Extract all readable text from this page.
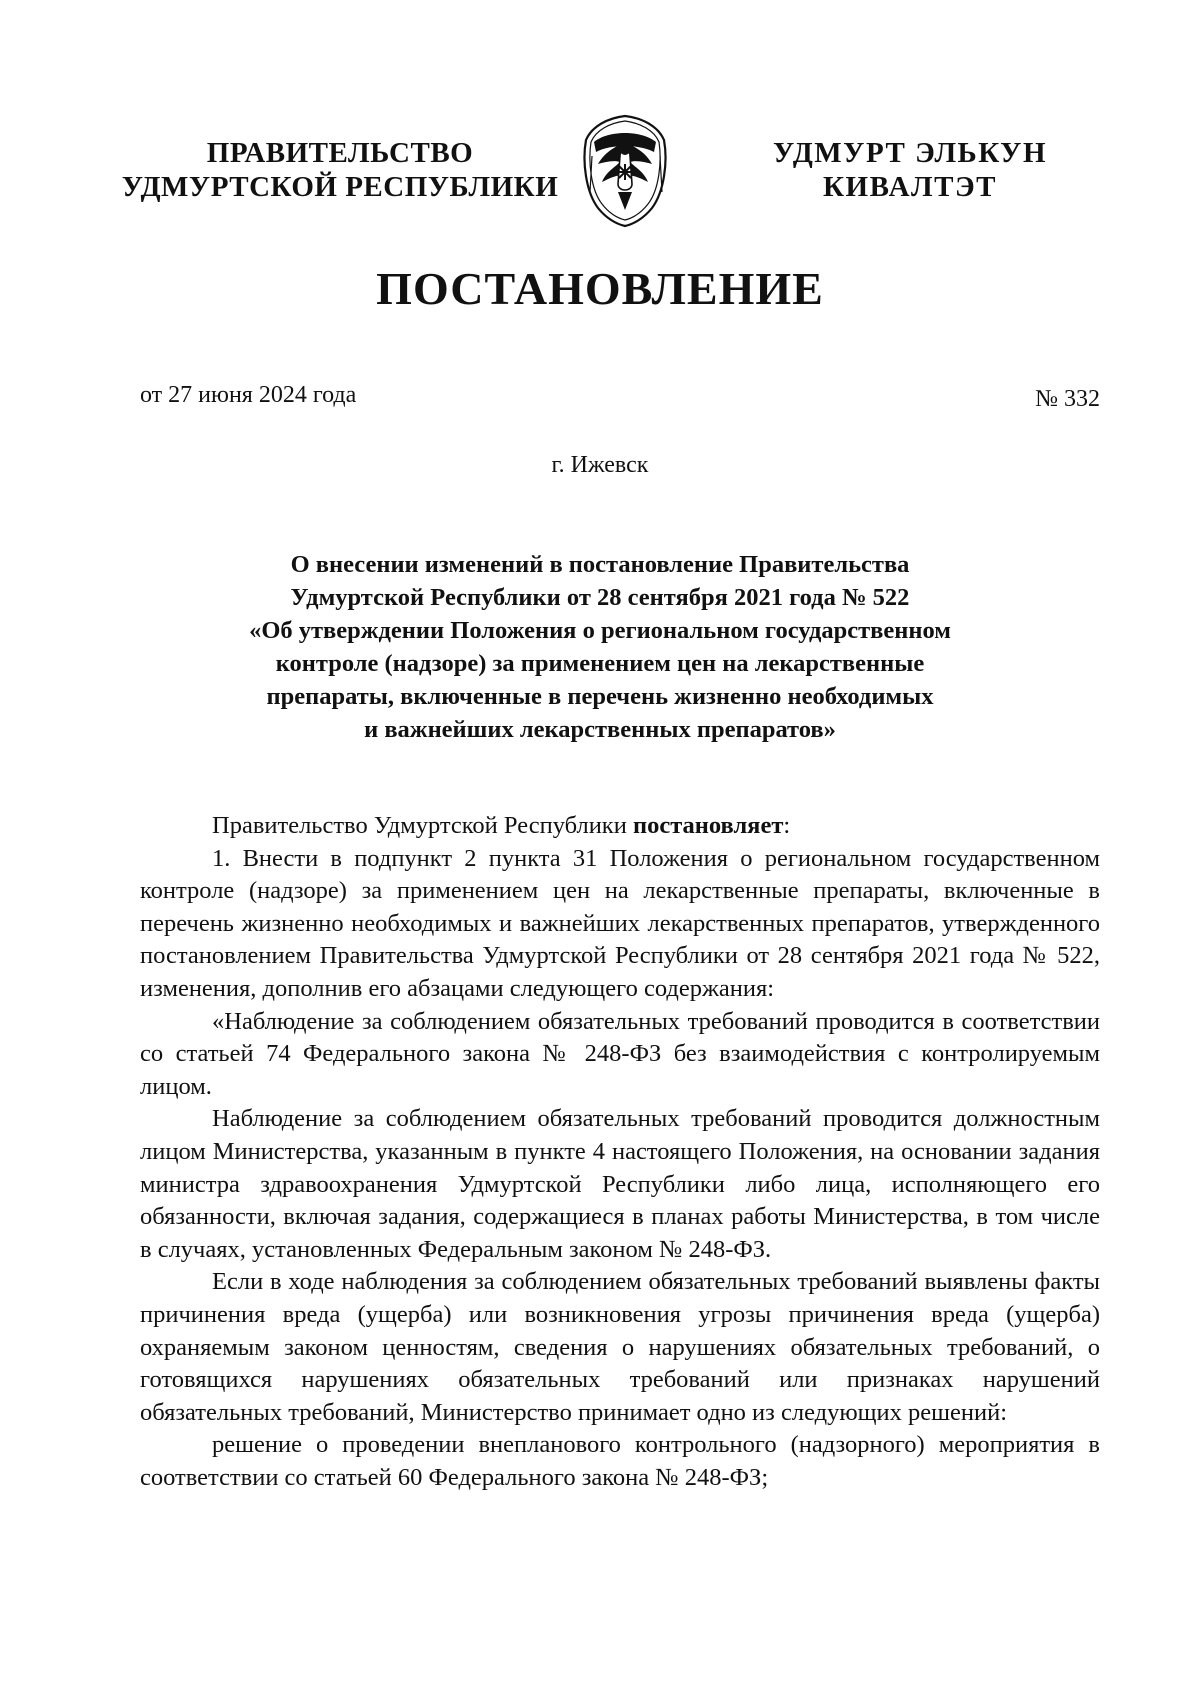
ПРАВИТЕЛЬСТВО
УДМУРТСКОЙ РЕСПУБЛИКИ
УДМУРТ ЭЛЬКУН
КИВАЛТЭТ
ПОСТАНОВЛЕНИЕ
от 27 июня 2024 года	№ 332
г. Ижевск
О внесении изменений в постановление Правительства
Удмуртской Республики от 28 сентября 2021 года № 522
«Об утверждении Положения о региональном государственном
контроле (надзоре) за применением цен на лекарственные
препараты, включенные в перечень жизненно необходимых
и важнейших лекарственных препаратов»

Правительство Удмуртской Республики постановляет:

1. Внести в подпункт 2 пункта 31 Положения о региональном государственном контроле (надзоре) за применением цен на лекарственные препараты, включенные в перечень жизненно необходимых и важнейших лекарственных препаратов, утвержденного постановлением Правительства Удмуртской Республики от 28 сентября 2021 года № 522, изменения, дополнив его абзацами следующего содержания:

«Наблюдение за соблюдением обязательных требований проводится в соответствии со статьей 74 Федерального закона № 248-ФЗ без взаимодействия с контролируемым лицом.

Наблюдение за соблюдением обязательных требований проводится должностным лицом Министерства, указанным в пункте 4 настоящего Положения, на основании задания министра здравоохранения Удмуртской Республики либо лица, исполняющего его обязанности, включая задания, содержащиеся в планах работы Министерства, в том числе в случаях, установленных Федеральным законом № 248-ФЗ.

Если в ходе наблюдения за соблюдением обязательных требований выявлены факты причинения вреда (ущерба) или возникновения угрозы причинения вреда (ущерба) охраняемым законом ценностям, сведения о нарушениях обязательных требований, о готовящихся нарушениях обязательных требований или признаках нарушений обязательных требований, Министерство принимает одно из следующих решений:

решение о проведении внепланового контрольного (надзорного) мероприятия в соответствии со статьей 60 Федерального закона № 248-ФЗ;
